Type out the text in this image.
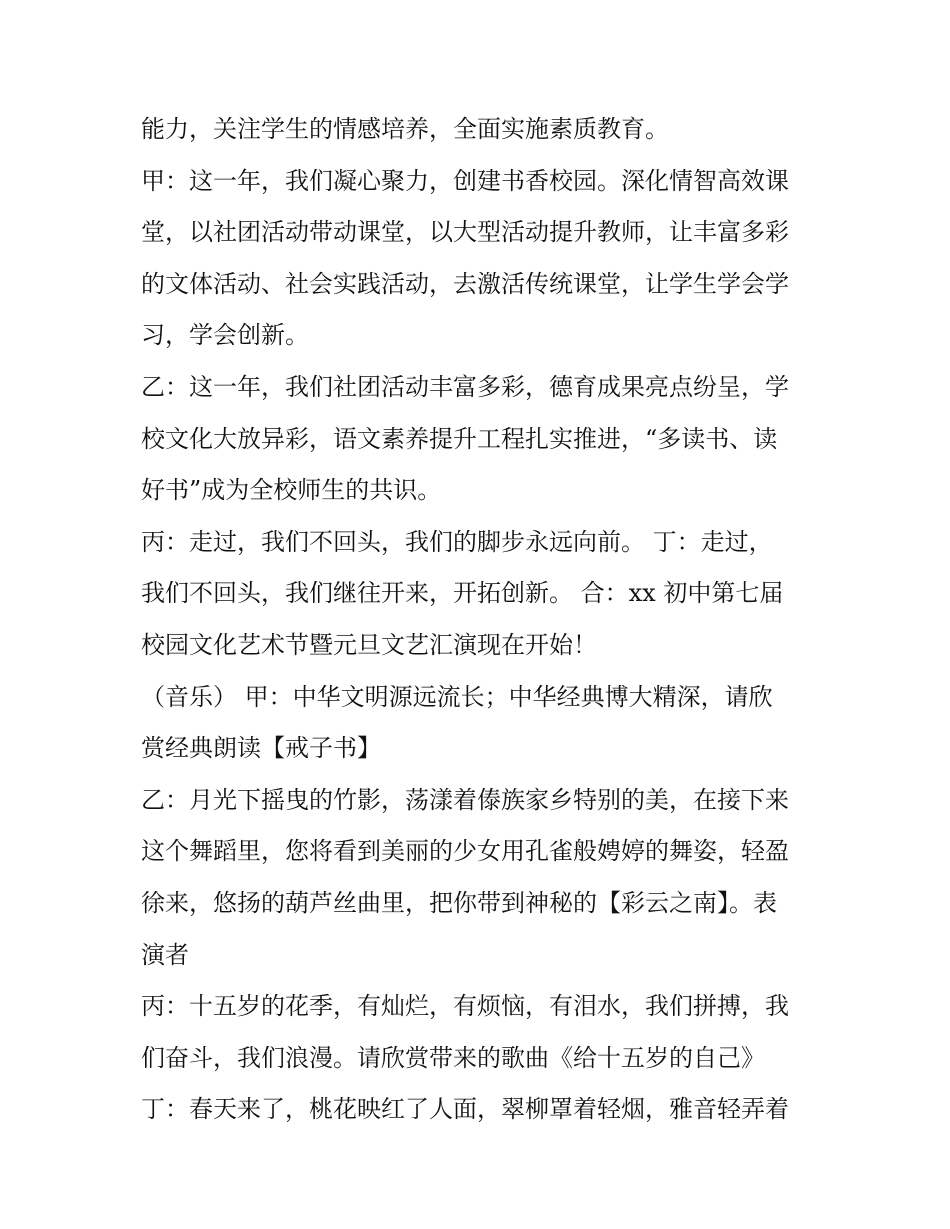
能力，关注学生的情感培养，全面实施素质教育。
甲：这一年，我们凝心聚力，创建书香校园。深化情智高效课
堂，以社团活动带动课堂，以大型活动提升教师，让丰富多彩
的文体活动、社会实践活动，去激活传统课堂，让学生学会学
习，学会创新。
乙：这一年，我们社团活动丰富多彩，德育成果亮点纷呈，学
校文化大放异彩，语文素养提升工程扎实推进，“多读书、读
好书”成为全校师生的共识。
丙：走过，我们不回头，我们的脚步永远向前。 丁：走过，
我们不回头，我们继往开来，开拓创新。 合：xx 初中第七届
校园文化艺术节暨元旦文艺汇演现在开始！
（音乐） 甲：中华文明源远流长；中华经典博大精深，请欣
赏经典朗读【戒子书】
乙：月光下摇曳的竹影，荡漾着傣族家乡特别的美，在接下来
这个舞蹈里，您将看到美丽的少女用孔雀般娉婷的舞姿，轻盈
徐来，悠扬的葫芦丝曲里，把你带到神秘的【彩云之南】。表
演者
丙：十五岁的花季，有灿烂，有烦恼，有泪水，我们拼搏，我
们奋斗，我们浪漫。请欣赏带来的歌曲《给十五岁的自己》
丁：春天来了，桃花映红了人面，翠柳罩着轻烟，雅音轻弄着
